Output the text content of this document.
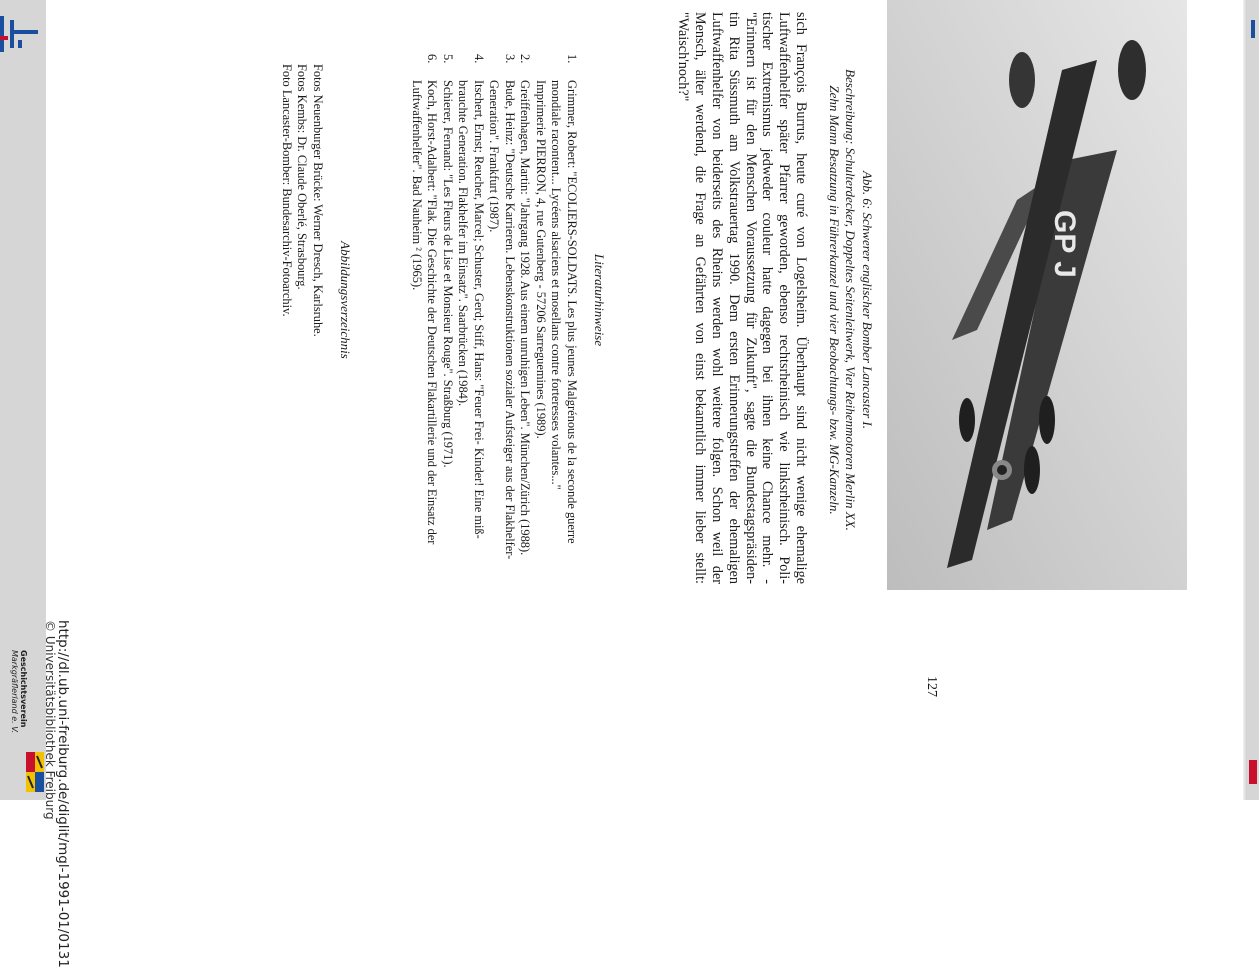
Geschichtsverein
Markgräflerland e. V.
GP J
Abb. 6: Schwerer englischer Bomber Lancaster I.
Beschreibung: Schulterdecker, Doppeltes Seitenleitwerk, Vier Reihenmotoren Merlin XX.
Zehn Mann Besatzung in Führerkanzel und vier Beobachtungs- bzw. MG-Kanzeln.
sich François Burrus, heute curé von Logelsheim. Überhaupt sind nicht wenige ehemalige
Luftwaffenhelfer später Pfarrer geworden, ebenso rechtsrheinisch wie linksrheinisch. Poli-
tischer Extremismus jedweder couleur hatte dagegen bei ihnen keine Chance mehr. -
"Erinnern ist für den Menschen Voraussetzung für Zukunft", sagte die Bundestagspräsiden-
tin Rita Süssmuth am Volkstrauertag 1990. Dem ersten Erinnerungstreffen der ehemaligen
Luftwaffenhelfer von beiderseits des Rheins werden wohl weitere folgen. Schon weil der
Mensch, älter werdend, die Frage an Gefährten von einst bekanntlich immer lieber stellt:
"Waisch'noch?"
Literaturhinweise
1.
Grimmer, Robert: "ECOLIERS-SOLDATS. Les plus jeunes Malgrénous de la seconde guerre
mondiale racontent... Lycéens alsaciens et mosellans contre forteresses volantes..."
Imprimerie PIERRON, 4, rue Gutenberg - 57206 Sarreguemines (1989).
2.
Greiffenhagen, Martin: "Jahrgang 1928. Aus einem unruhigen Leben". München/Zürich (1988).
3.
Bude, Heinz: "Deutsche Karrieren. Lebenskonstruktionen sozialer Aufsteiger aus der Flakhelfer-
Generation". Frankfurt (1987).
4.
Itschert, Ernst; Reucher, Marcel; Schuster, Gerd; Stiff, Hans: "Feuer Frei- Kinder! Eine miß-
brauchte Generation. Flakhelfer im Einsatz". Saarbrücken (1984).
5.
Schierer, Fernand: "Les Fleurs de Lise et Monsieur Rouge". Straßburg (1971).
6.
Koch, Horst-Adalbert: "Flak. Die Geschichte der Deutschen Flakartillerie und der Einsatz der
Luftwaffenhelfer". Bad Nauheim ² (1965).
Abbildungsverzeichnis
Fotos Neuenburger Brücke: Werner Dresch, Karlsruhe.
Fotos Kembs: Dr. Claude Oberlé, Strasbourg.
Foto Lancaster-Bomber: Bundesarchiv-Fotoarchiv.
127
http://dl.ub.uni-freiburg.de/diglit/mgl-1991-01/0131
© Universitätsbibliothek Freiburg
